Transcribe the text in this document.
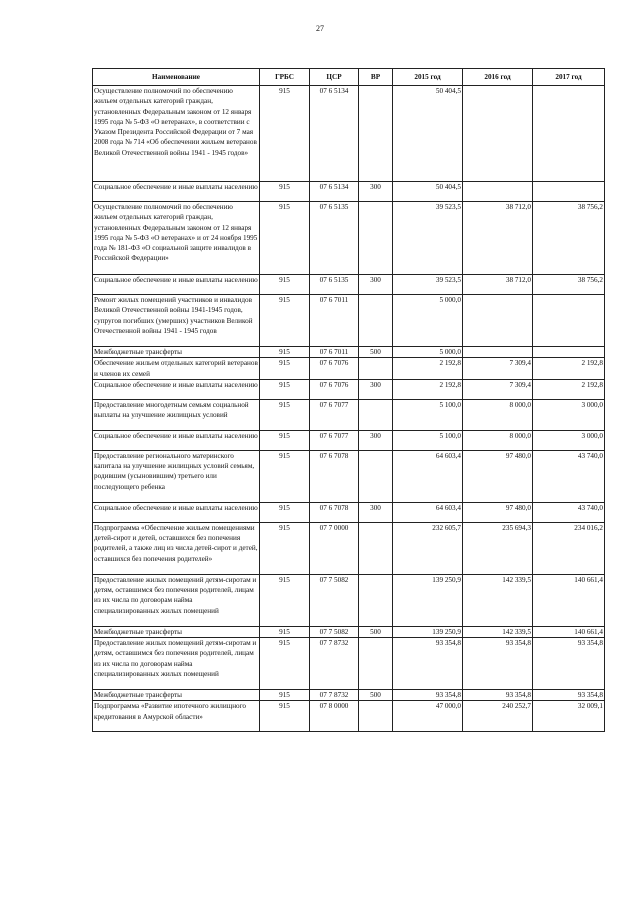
27
Наименование	ГРБС	ЦСР	ВР	2015 год	2016 год	2017 год
Осуществление полномочий по обеспечению жильем отдельных категорий граждан, установленных Федеральным законом от 12 января 1995 года № 5-ФЗ «О ветеранах», в соответствии с Указом Президента Российской Федерации от 7 мая 2008 года № 714 «Об обеспечении жильем ветеранов Великой Отечественной войны 1941 - 1945 годов»	915	07 6 5134		50 404,5		
Социальное обеспечение и иные выплаты населению	915	07 6 5134	300	50 404,5		
Осуществление полномочий по обеспечению жильем отдельных категорий граждан, установленных Федеральным законом от 12 января 1995 года № 5-ФЗ «О ветеранах» и от 24 ноября 1995 года № 181-ФЗ «О социальной защите инвалидов в Российской Федерации»	915	07 6 5135		39 523,5	38 712,0	38 756,2
Социальное обеспечение и иные выплаты населению	915	07 6 5135	300	39 523,5	38 712,0	38 756,2
Ремонт жилых помещений участников и инвалидов Великой Отечественной войны 1941-1945 годов, супругов погибших (умерших) участников Великой Отечественной войны 1941 - 1945 годов	915	07 6 7011		5 000,0		
Межбюджетные трансферты	915	07 6 7011	500	5 000,0		
Обеспечение жильем отдельных категорий ветеранов и членов их семей	915	07 6 7076		2 192,8	7 309,4	2 192,8
Социальное обеспечение и иные выплаты населению	915	07 6 7076	300	2 192,8	7 309,4	2 192,8
Предоставление многодетным семьям социальной выплаты на улучшение жилищных условий	915	07 6 7077		5 100,0	8 000,0	3 000,0
Социальное обеспечение и иные выплаты населению	915	07 6 7077	300	5 100,0	8 000,0	3 000,0
Предоставление регионального материнского капитала на улучшение жилищных условий семьям, родившим (усыновившим) третьего или последующего ребенка	915	07 6 7078		64 603,4	97 480,0	43 740,0
Социальное обеспечение и иные выплаты населению	915	07 6 7078	300	64 603,4	97 480,0	43 740,0
Подпрограмма «Обеспечение жильем помещениями детей-сирот и детей, оставшихся без попечения родителей, а также лиц из числа детей-сирот и детей, оставшихся без попечения родителей»	915	07 7 0000		232 605,7	235 694,3	234 016,2
Предоставление жилых помещений детям-сиротам и детям, оставшимся без попечения родителей, лицам из их числа по договорам найма специализированных жилых помещений	915	07 7 5082		139 250,9	142 339,5	140 661,4
Межбюджетные трансферты	915	07 7 5082	500	139 250,9	142 339,5	140 661,4
Предоставление жилых помещений детям-сиротам и детям, оставшимся без попечения родителей, лицам из их числа по договорам найма специализированных жилых помещений	915	07 7 8732		93 354,8	93 354,8	93 354,8
Межбюджетные трансферты	915	07 7 8732	500	93 354,8	93 354,8	93 354,8
Подпрограмма «Развитие ипотечного жилищного кредитования в Амурской области»	915	07 8 0000		47 000,0	240 252,7	32 009,1
